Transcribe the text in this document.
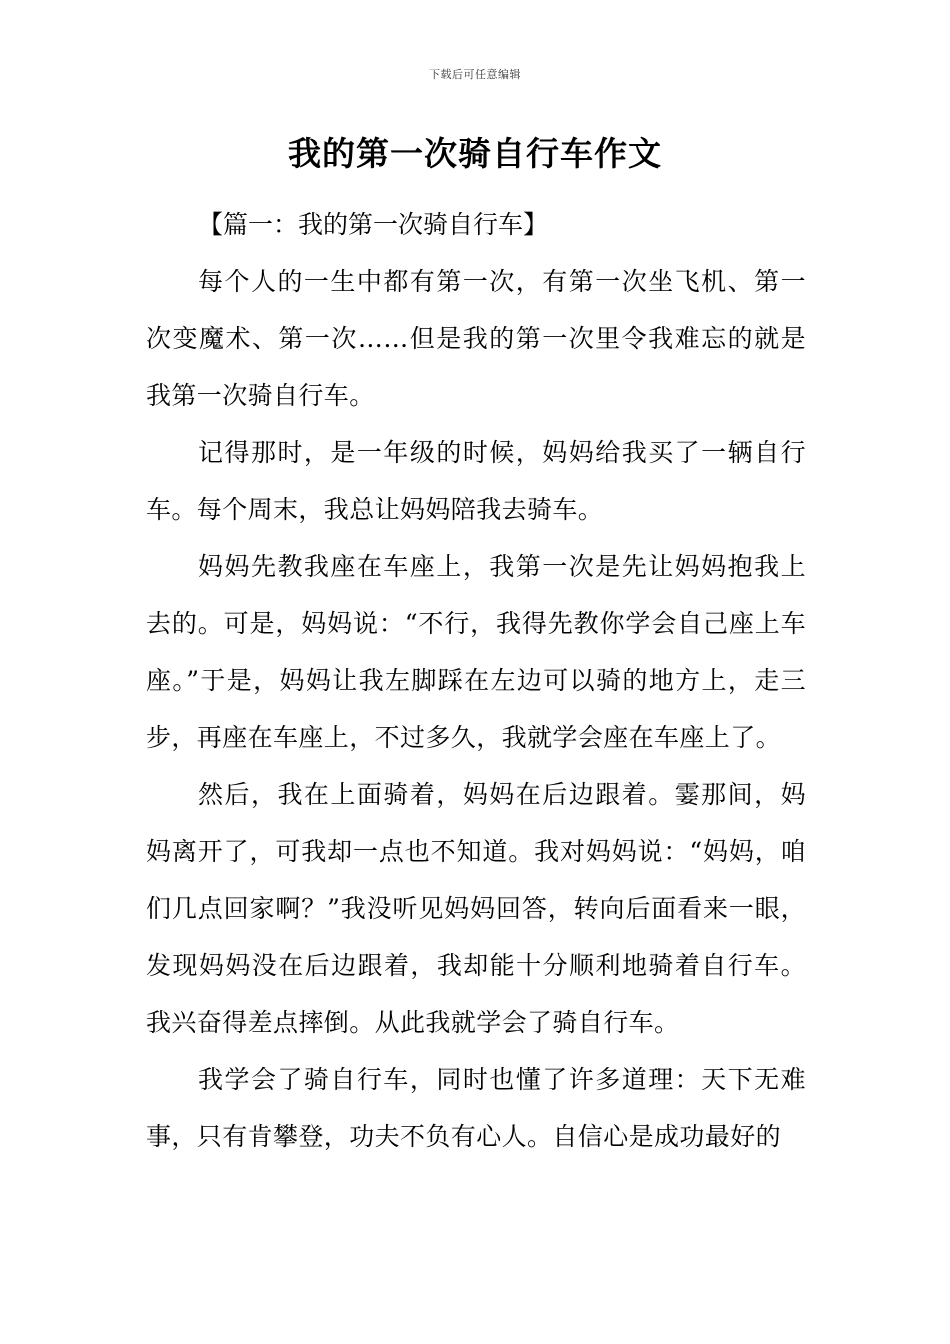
下载后可任意编辑
我的第一次骑自行车作文

【篇一：我的第一次骑自行车】

每个人的一生中都有第一次，有第一次坐飞机、第一次变魔术、第一次……但是我的第一次里令我难忘的就是我第一次骑自行车。

记得那时，是一年级的时候，妈妈给我买了一辆自行车。每个周末，我总让妈妈陪我去骑车。

妈妈先教我座在车座上，我第一次是先让妈妈抱我上去的。可是，妈妈说：“不行，我得先教你学会自己座上车座。”于是，妈妈让我左脚踩在左边可以骑的地方上，走三步，再座在车座上，不过多久，我就学会座在车座上了。

然后，我在上面骑着，妈妈在后边跟着。霎那间，妈妈离开了，可我却一点也不知道。我对妈妈说：“妈妈，咱们几点回家啊？”我没听见妈妈回答，转向后面看来一眼，发现妈妈没在后边跟着，我却能十分顺利地骑着自行车。我兴奋得差点摔倒。从此我就学会了骑自行车。

我学会了骑自行车，同时也懂了许多道理：天下无难事，只有肯攀登，功夫不负有心人。自信心是成功最好的
